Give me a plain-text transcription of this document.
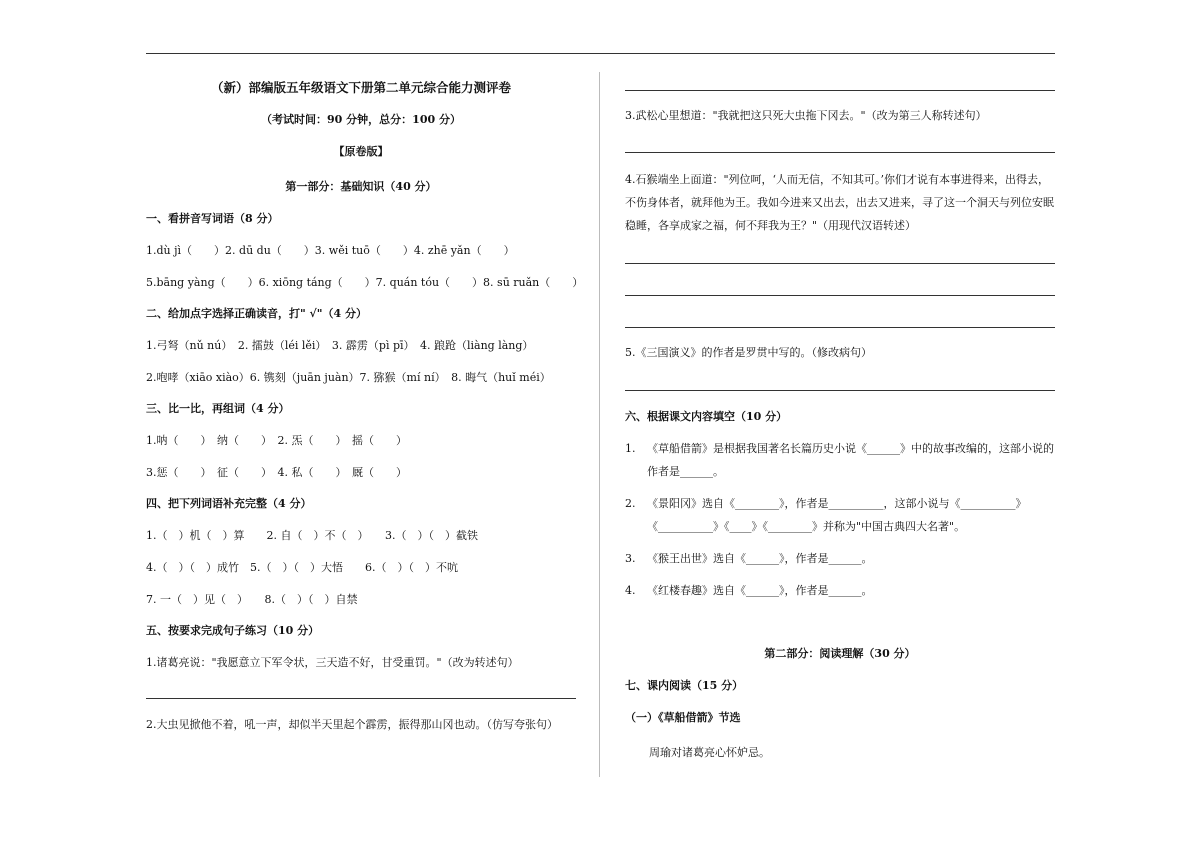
（新）部编版五年级语文下册第二单元综合能力测评卷
（考试时间：90 分钟，总分：100 分）
【原卷版】
第一部分：基础知识（40 分）
一、看拼音写词语（8 分）
1.dù jì（　　）2. dū du（　　）3. wěi tuō（　　）4. zhē yǎn（　　）
5.bāng yàng（　　）6. xiōng táng（　　）7. quán tóu（　　）8. sū ruǎn（　　）
二、给加点字选择正确读音，打" √"（4 分）
1.弓弩（nǔ nú）　2. 擂鼓（léi lěi）　3. 霹雳（pì pī）　4. 踉跄（liàng làng）
2.咆哮（xiāo xiào）6. 镌刻（juān juàn）7. 猕猴（mí ní）　8. 晦气（huǐ méi）
三、比一比，再组词（4 分）
1.呐（　　）　纳（　　）　2. 炁（　　）　摇（　　）
3.惩（　　）　征（　　）　4. 私（　　）　厩（　　）
四、把下列词语补充完整（4 分）
1.（　）机（　）算　　2. 自（　）不（　）　　3.（　）（　）截铁
4.（　）（　）成竹　5.（　）（　）大悟　　6.（　）（　）不吭
7. 一（　）见（　）　　8.（　）（　）自禁
五、按要求完成句子练习（10 分）
1.诸葛亮说："我愿意立下军令状，三天造不好，甘受重罚。"（改为转述句）
2.大虫见掀他不着，吼一声，却似半天里起个霹雳，振得那山冈也动。（仿写夸张句）
3.武松心里想道："我就把这只死大虫拖下冈去。"（改为第三人称转述句）
4.石猴端坐上面道："列位呵，‘人而无信，不知其可。’你们才说有本事进得来，出得去，不伤身体者，就拜他为王。我如今进来又出去，出去又进来，寻了这一个洞天与列位安眠稳睡，各享成家之福，何不拜我为王？"（用现代汉语转述）
5.《三国演义》的作者是罗贯中写的。（修改病句）
六、根据课文内容填空（10 分）
1. 《草船借箭》是根据我国著名长篇历史小说《______》中的故事改编的，这部小说的作者是______。
2. 《景阳冈》选自《________》，作者是__________，这部小说与《__________》《__________》《____》《________》并称为"中国古典四大名著"。
3. 《猴王出世》选自《______》，作者是______。
4. 《红楼春趣》选自《______》，作者是______。
第二部分：阅读理解（30 分）
七、课内阅读（15 分）
（一）《草船借箭》节选
周瑜对诸葛亮心怀妒忌。
